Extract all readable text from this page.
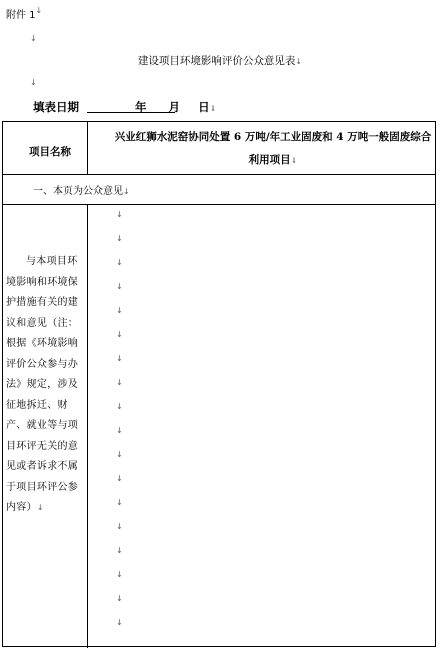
附件 1 ↓
↓
建设项目环境影响评价公众意见表↓
↓
填表日期	年 月 日↓
项目名称
兴业红狮水泥窑协同处置 6 万吨/年工业固废和 4 万吨一般固废综合利用项目↓
一、本页为公众意见↓

与本项目环境影响和环境保护措施有关的建议和意见（注：根据《环境影响评价公众参与办法》规定，涉及征地拆迁、财产、就业等与项目环评无关的意见或者诉求不属于项目环评公参内容）↓

↓
↓
↓
↓
↓
↓
↓
↓
↓
↓
↓
↓
↓
↓
↓
↓
↓
↓
